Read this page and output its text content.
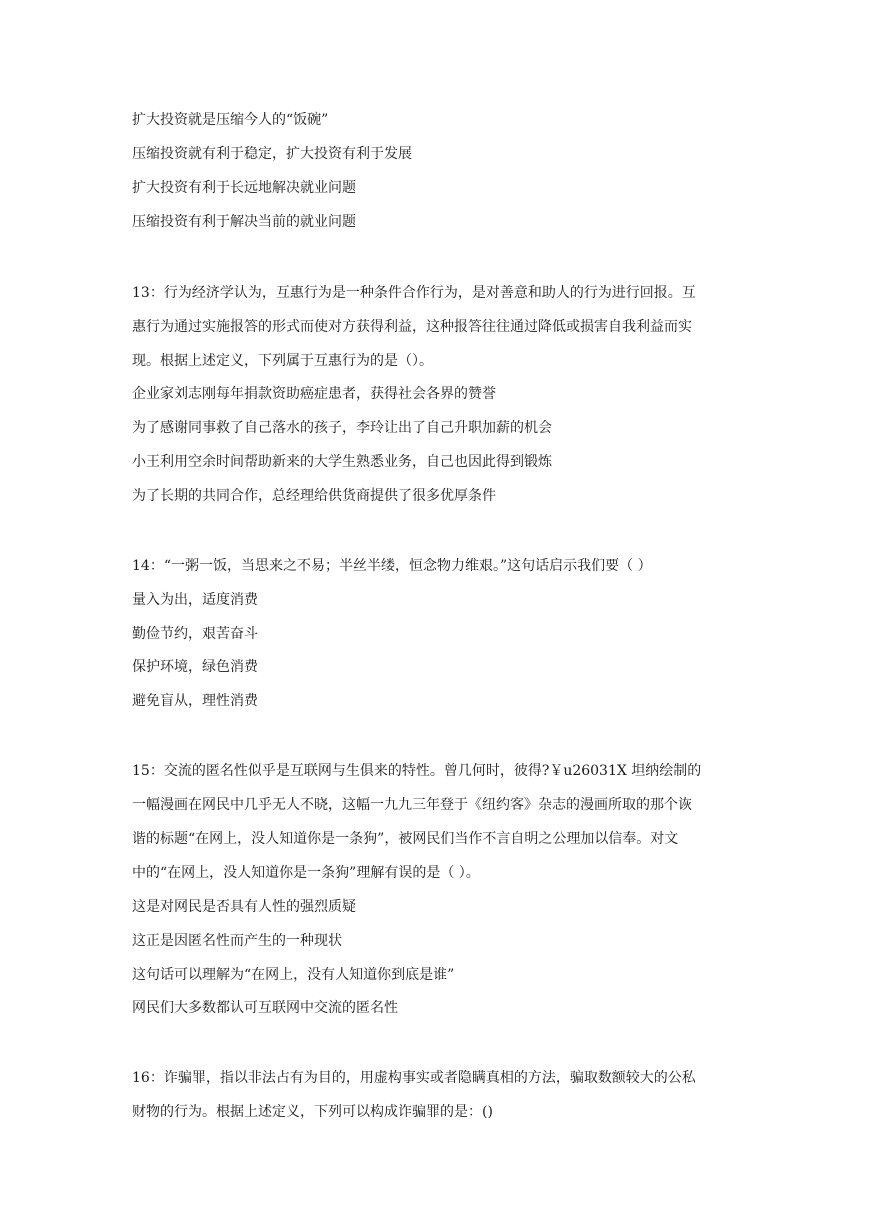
扩大投资就是压缩今人的“饭碗”
压缩投资就有利于稳定，扩大投资有利于发展
扩大投资有利于长远地解决就业问题
压缩投资有利于解决当前的就业问题
13：行为经济学认为，互惠行为是一种条件合作行为，是对善意和助人的行为进行回报。互
惠行为通过实施报答的形式而使对方获得利益，这种报答往往通过降低或损害自我利益而实
现。根据上述定义，下列属于互惠行为的是（）。
企业家刘志刚每年捐款资助癌症患者，获得社会各界的赞誉
为了感谢同事救了自己落水的孩子，李玲让出了自己升职加薪的机会
小王利用空余时间帮助新来的大学生熟悉业务，自己也因此得到锻炼
为了长期的共同合作，总经理给供货商提供了很多优厚条件
14：“一粥一饭，当思来之不易；半丝半缕，恒念物力维艰。”这句话启示我们要（ ）
量入为出，适度消费
勤俭节约，艰苦奋斗
保护环境，绿色消费
避免盲从，理性消费
15：交流的匿名性似乎是互联网与生俱来的特性。曾几何时，彼得?￥u26031X 坦纳绘制的
一幅漫画在网民中几乎无人不晓，这幅一九九三年登于《纽约客》杂志的漫画所取的那个诙
谐的标题“在网上，没人知道你是一条狗”，被网民们当作不言自明之公理加以信奉。对文
中的“在网上，没人知道你是一条狗”理解有误的是（ ）。
这是对网民是否具有人性的强烈质疑
这正是因匿名性而产生的一种现状
这句话可以理解为“在网上，没有人知道你到底是谁”
网民们大多数都认可互联网中交流的匿名性
16：诈骗罪，指以非法占有为目的，用虚构事实或者隐瞒真相的方法，骗取数额较大的公私
财物的行为。根据上述定义，下列可以构成诈骗罪的是：()
